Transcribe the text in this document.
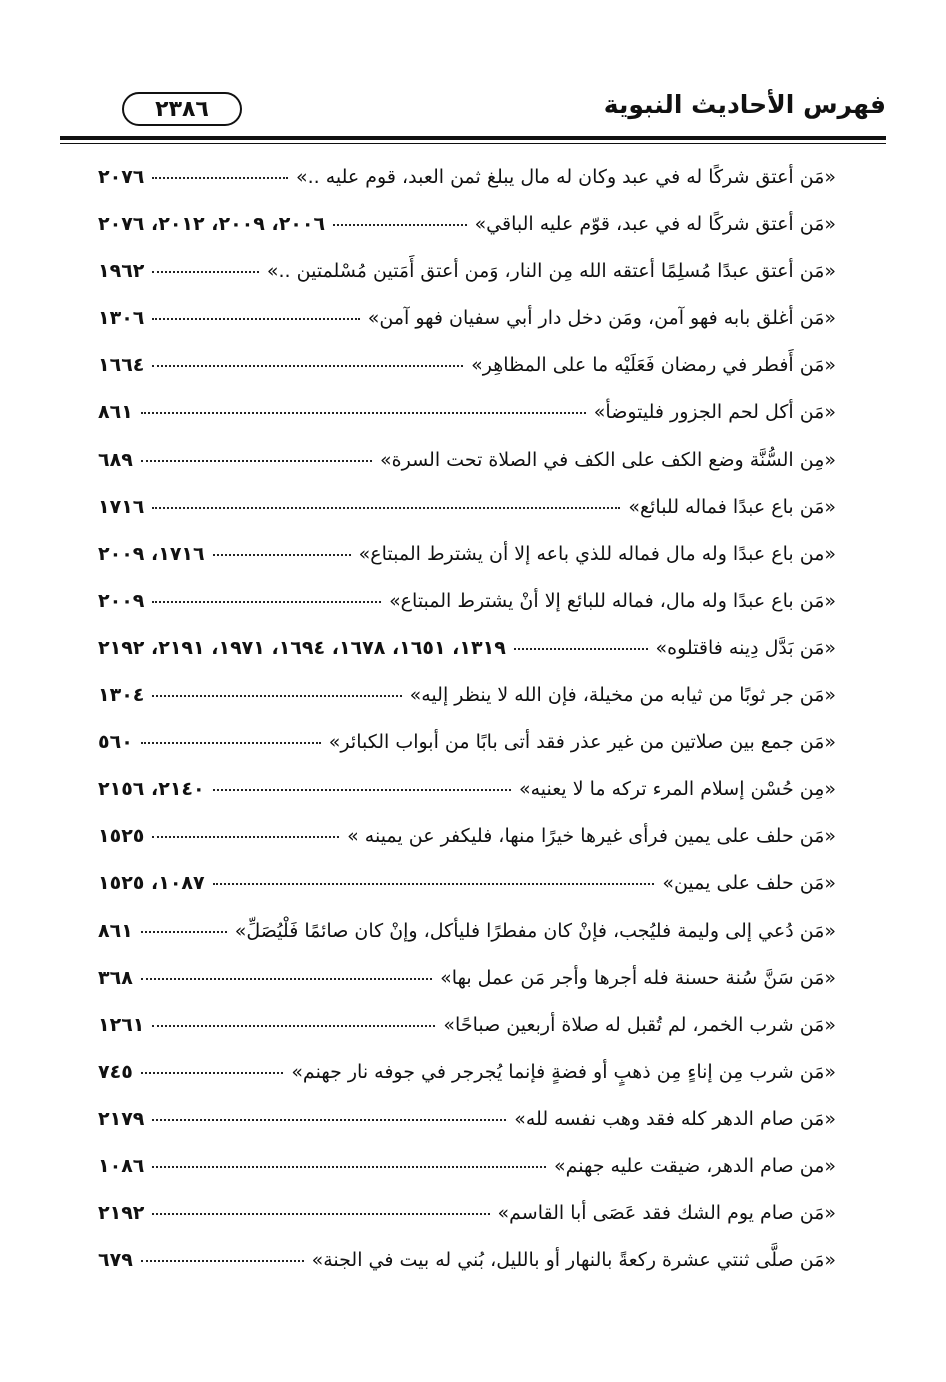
فهرس الأحاديث النبوية
٢٣٨٦
«مَن أعتق شركًا له في عبد وكان له مال يبلغ ثمن العبد، قوم عليه ..»
٢٠٧٦
«مَن أعتق شركًا له في عبد، قوّم عليه الباقي»
٢٠٠٦، ٢٠٠٩، ٢٠١٢، ٢٠٧٦
«مَن أعتق عبدًا مُسلِمًا أعتقه الله مِن النار، وَمن أعتق أَمَتين مُسْلمتين ..»
١٩٦٢
«مَن أغلق بابه فهو آمن، ومَن دخل دار أبي سفيان فهو آمن»
١٣٠٦
«مَن أَفطر في رمضان فَعَلَيْه ما على المظاهِر»
١٦٦٤
«مَن أكل لحم الجزور فليتوضأ»
٨٦١
«مِن السُّنَّة وضع الكف على الكف في الصلاة تحت السرة»
٦٨٩
«مَن باع عبدًا فماله للبائع»
١٧١٦
«من باع عبدًا وله مال فماله للذي باعه إلا أن يشترط المبتاع»
١٧١٦، ٢٠٠٩
«مَن باع عبدًا وله مال، فماله للبائع إلا أنْ يشترط المبتاع»
٢٠٠٩
«مَن بَدَّل دِينه فاقتلوه»
١٣١٩، ١٦٥١، ١٦٧٨، ١٦٩٤، ١٩٧١، ٢١٩١، ٢١٩٢
«مَن جر ثوبًا من ثيابه من مخيلة، فإن الله لا ينظر إليه»
١٣٠٤
«مَن جمع بين صلاتين من غير عذر فقد أتى بابًا من أبواب الكبائر»
٥٦٠
«مِن حُسْن إسلام المرء تركه ما لا يعنيه»
٢١٤٠، ٢١٥٦
«مَن حلف على يمين فرأى غيرها خيرًا منها، فليكفر عن يمينه »
١٥٢٥
«مَن حلف على يمين»
١٠٨٧، ١٥٢٥
«مَن دُعي إلى وليمة فليُجب، فإنْ كان مفطرًا فليأكل، وإنْ كان صائمًا فَلْيُصَلِّ»
٨٦١
«مَن سَنَّ سُنة حسنة فله أجرها وأجر مَن عمل بها»
٣٦٨
«مَن شرب الخمر، لم تُقبل له صلاة أربعين صباحًا»
١٢٦١
«مَن شرب مِن إناءٍ مِن ذهبٍ أو فضةٍ فإنما يُجرجر في جوفه نار جهنم»
٧٤٥
«مَن صام الدهر كله فقد وهب نفسه لله»
٢١٧٩
«من صام الدهر، ضيقت عليه جهنم»
١٠٨٦
«مَن صام يوم الشك فقد عَصَى أبا القاسم»
٢١٩٢
«مَن صلَّى ثنتي عشرة ركعةً بالنهار أو بالليل، بُني له بيت في الجنة»
٦٧٩
